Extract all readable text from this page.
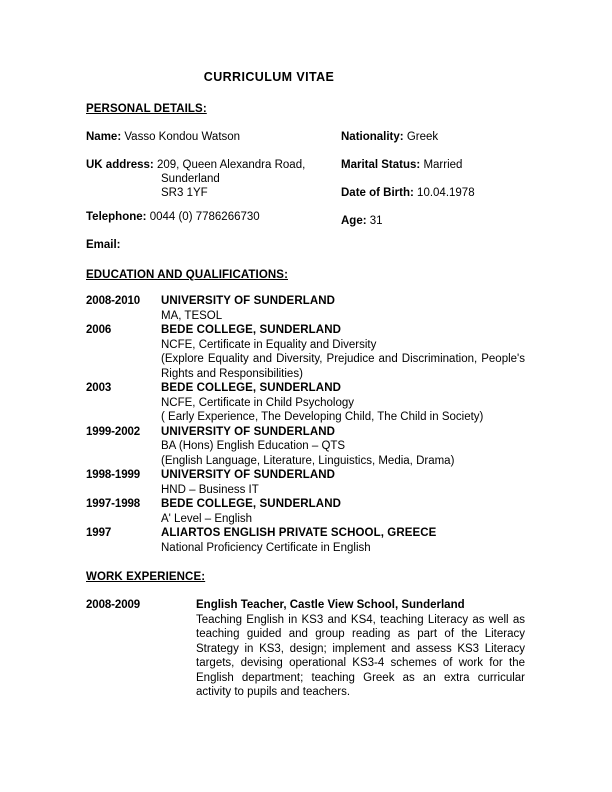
CURRICULUM VITAE
PERSONAL DETAILS:
Name: Vasso Kondou Watson
UK address: 209, Queen Alexandra Road,
Sunderland
SR3 1YF
Telephone: 0044 (0) 7786266730
Email:
Nationality: Greek
Marital Status: Married
Date of Birth: 10.04.1978
Age: 31
EDUCATION AND QUALIFICATIONS:
2008-2010 UNIVERSITY OF SUNDERLAND
MA, TESOL
2006	BEDE COLLEGE, SUNDERLAND
NCFE, Certificate in Equality and Diversity
(Explore Equality and Diversity, Prejudice and Discrimination, People's Rights and Responsibilities)
2003	BEDE COLLEGE, SUNDERLAND
NCFE, Certificate in Child Psychology
( Early Experience, The Developing Child, The Child in Society)
1999-2002 UNIVERSITY OF SUNDERLAND
BA (Hons) English Education – QTS
(English Language, Literature, Linguistics, Media, Drama)
1998-1999 UNIVERSITY OF SUNDERLAND
HND – Business IT
1997-1998 BEDE COLLEGE, SUNDERLAND
A' Level – English
1997	ALIARTOS ENGLISH PRIVATE SCHOOL, GREECE
National Proficiency Certificate in English
WORK EXPERIENCE:
2008-2009	English Teacher, Castle View School, Sunderland
Teaching English in KS3 and KS4, teaching Literacy as well as teaching guided and group reading as part of the Literacy Strategy in KS3, design; implement and assess KS3 Literacy targets, devising operational KS3-4 schemes of work for the English department; teaching Greek as an extra curricular activity to pupils and teachers.
